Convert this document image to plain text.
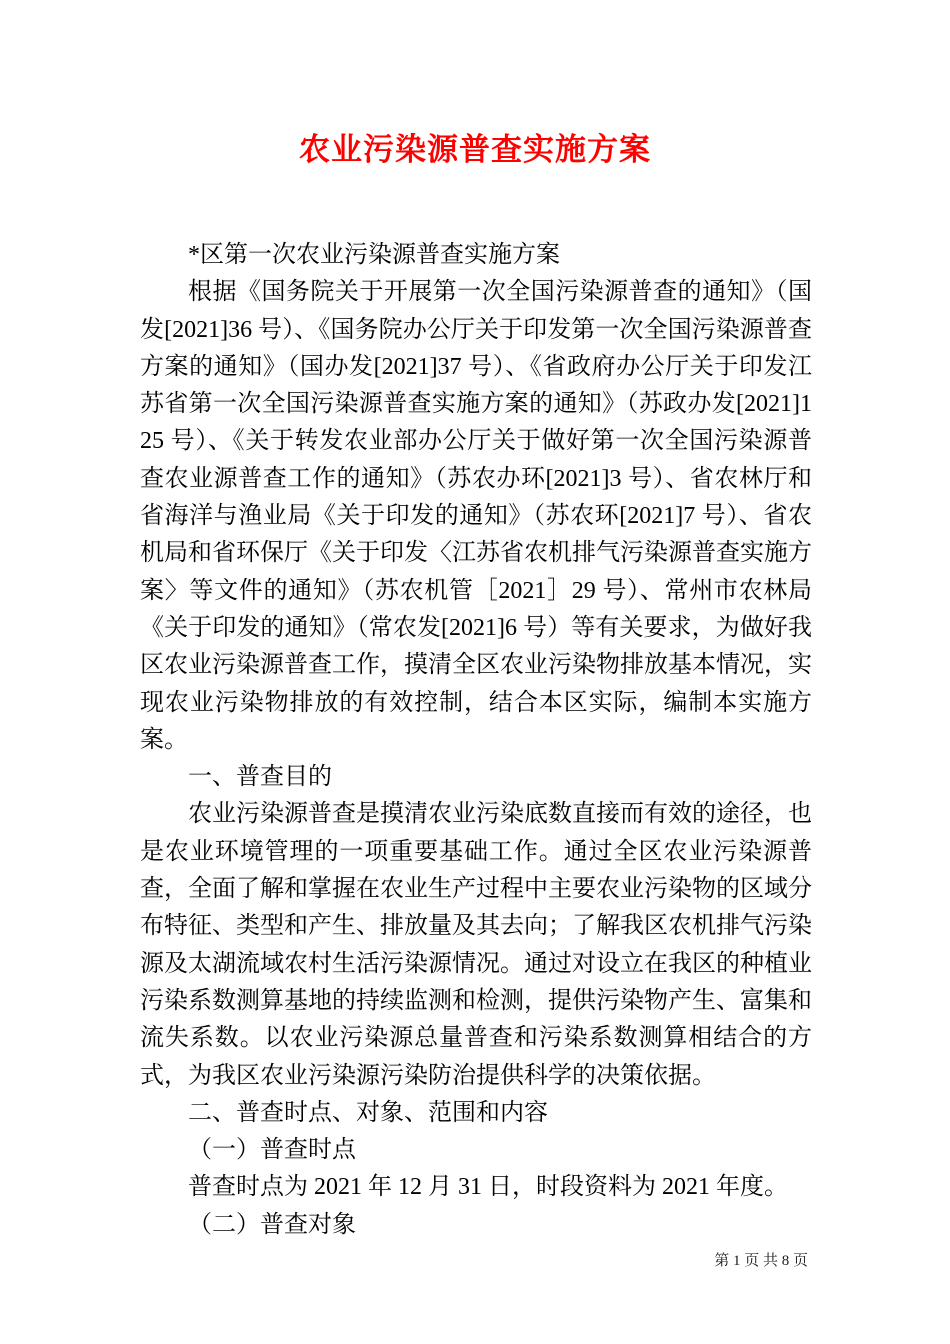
农业污染源普查实施方案

*区第一次农业污染源普查实施方案

根据《国务院关于开展第一次全国污染源普查的通知》（国发[2021]36 号）、《国务院办公厅关于印发第一次全国污染源普查方案的通知》（国办发[2021]37 号）、《省政府办公厅关于印发江苏省第一次全国污染源普查实施方案的通知》（苏政办发[2021]125 号）、《关于转发农业部办公厅关于做好第一次全国污染源普查农业源普查工作的通知》（苏农办环[2021]3 号）、省农林厅和省海洋与渔业局《关于印发的通知》（苏农环[2021]7 号）、省农机局和省环保厅《关于印发〈江苏省农机排气污染源普查实施方案〉等文件的通知》（苏农机管［2021］29 号）、常州市农林局《关于印发的通知》（常农发[2021]6 号）等有关要求，为做好我区农业污染源普查工作，摸清全区农业污染物排放基本情况，实现农业污染物排放的有效控制，结合本区实际，编制本实施方案。

一、普查目的

农业污染源普查是摸清农业污染底数直接而有效的途径，也是农业环境管理的一项重要基础工作。通过全区农业污染源普查，全面了解和掌握在农业生产过程中主要农业污染物的区域分布特征、类型和产生、排放量及其去向；了解我区农机排气污染源及太湖流域农村生活污染源情况。通过对设立在我区的种植业污染系数测算基地的持续监测和检测，提供污染物产生、富集和流失系数。以农业污染源总量普查和污染系数测算相结合的方式，为我区农业污染源污染防治提供科学的决策依据。

二、普查时点、对象、范围和内容

（一）普查时点

普查时点为 2021 年 12 月 31 日，时段资料为 2021 年度。

（二）普查对象

第 1 页 共 8 页
